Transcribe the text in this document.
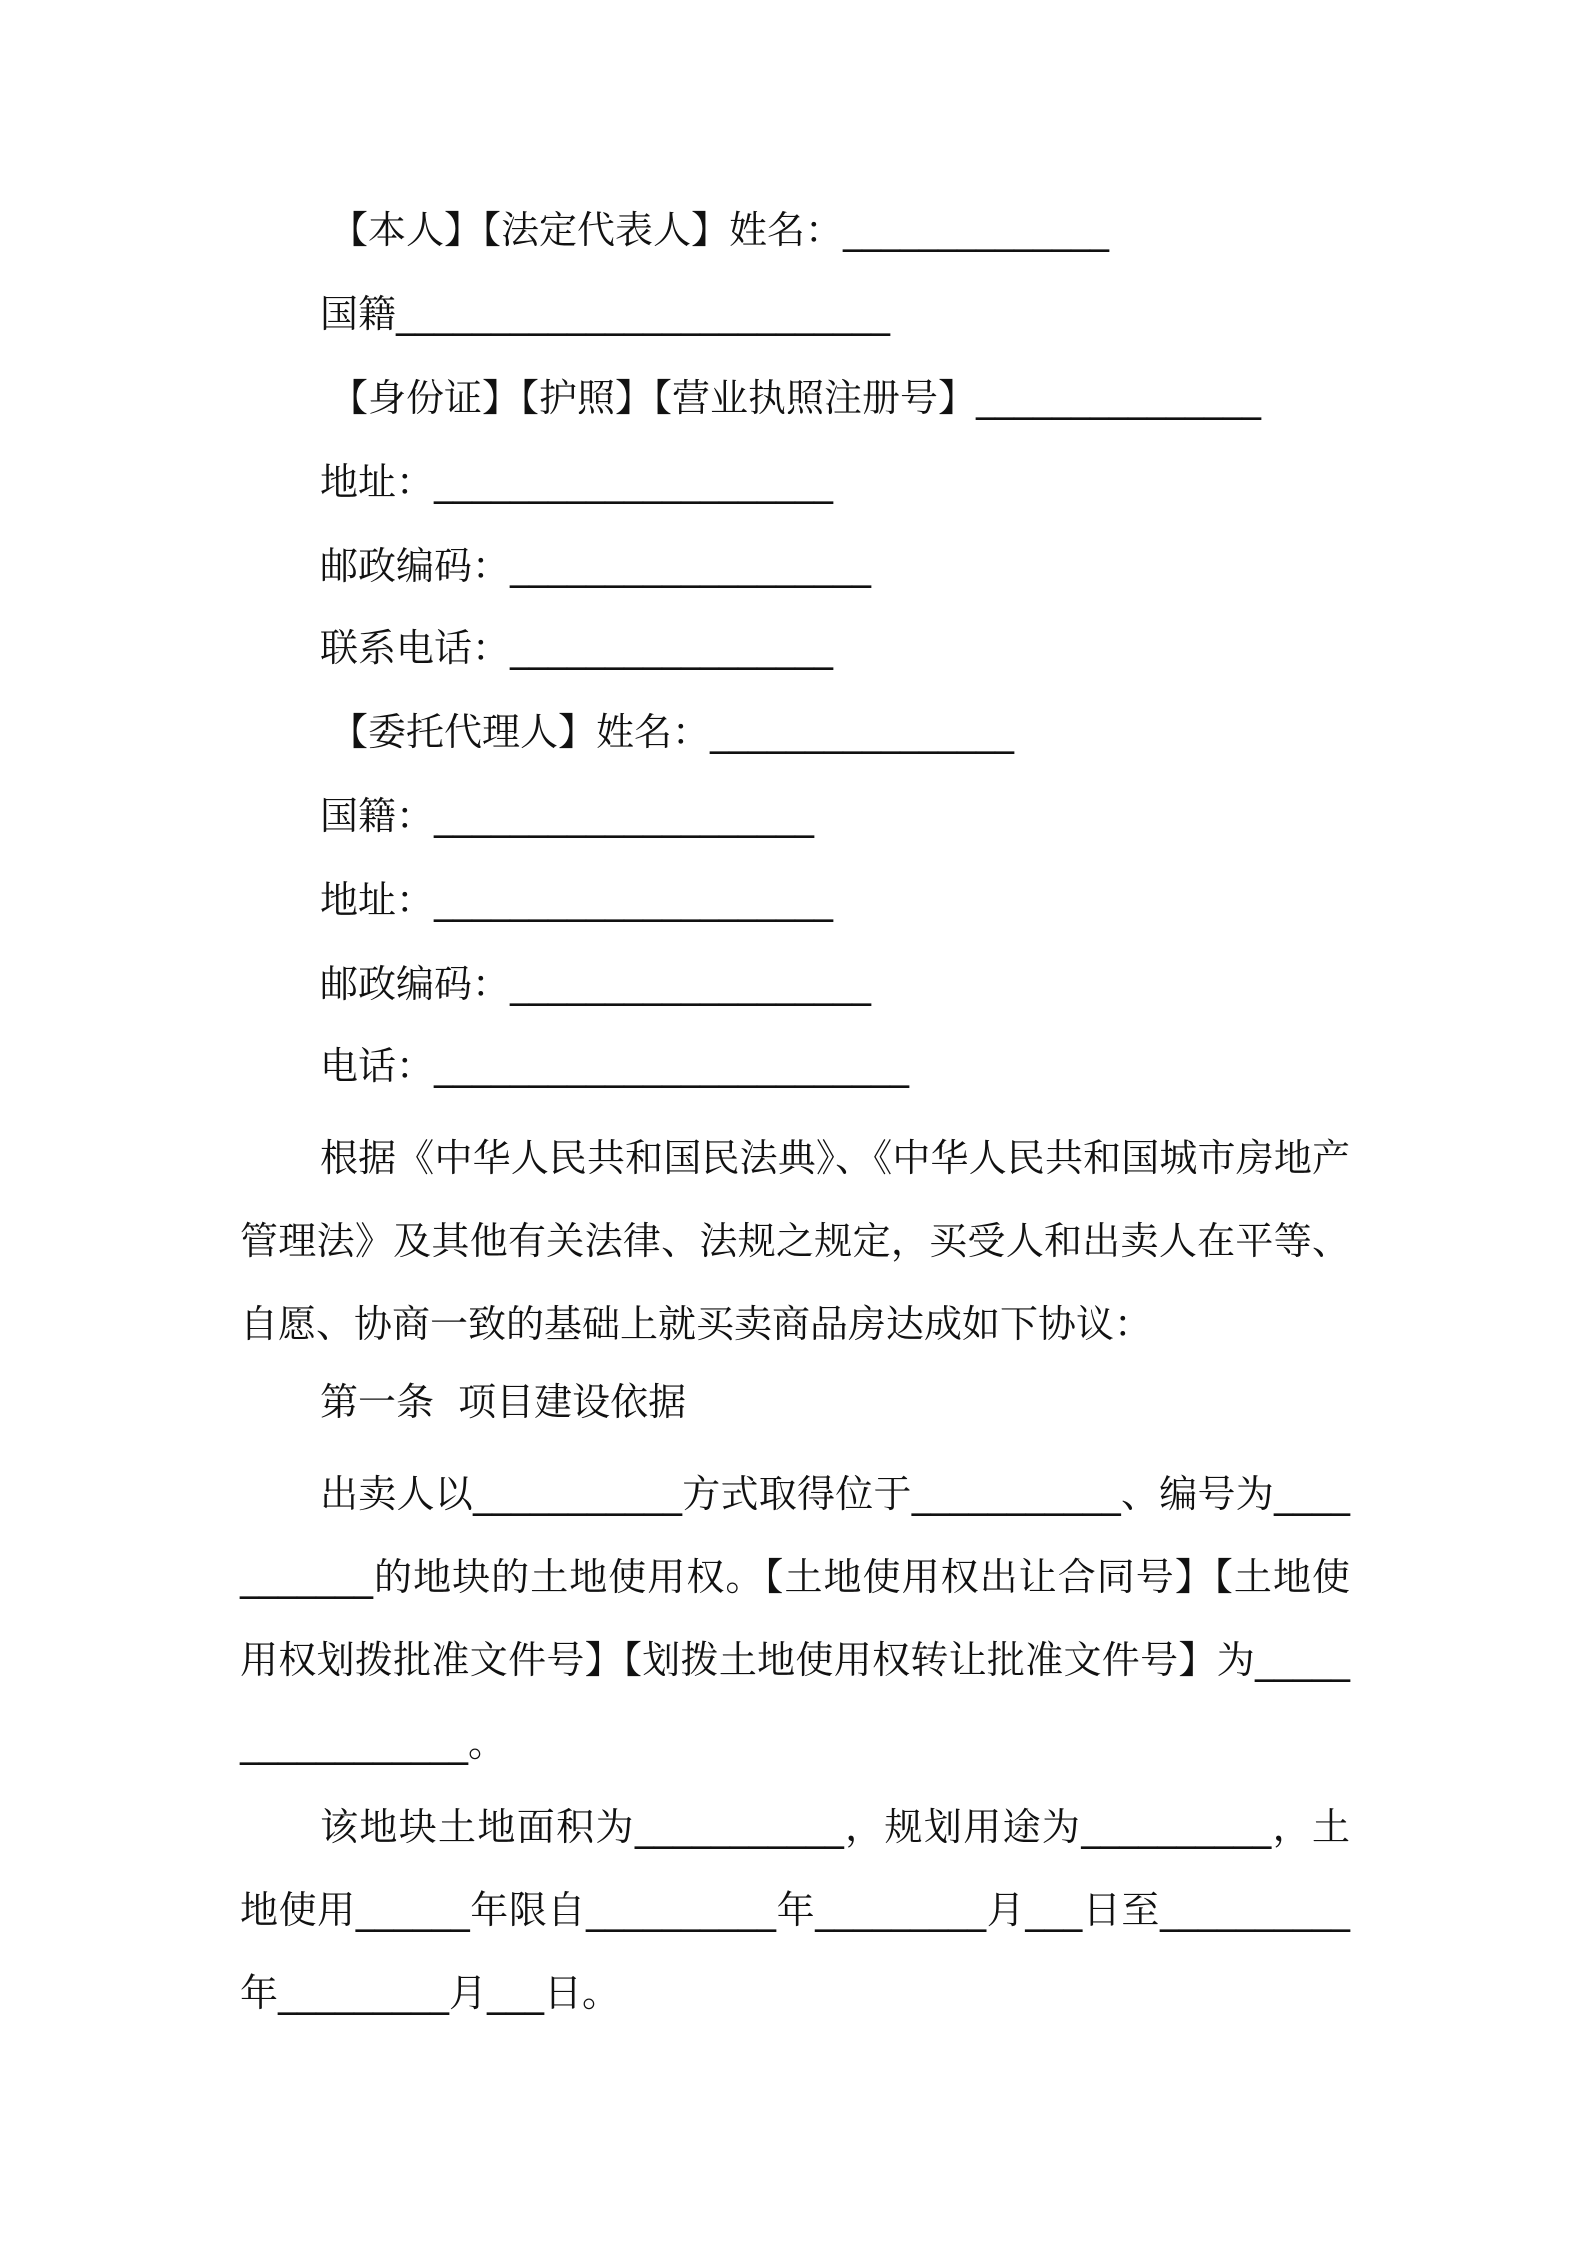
【本人】【法定代表人】姓名：______________
国籍__________________________
【身份证】【护照】【营业执照注册号】_______________
地址：_____________________
邮政编码：___________________
联系电话：_________________
【委托代理人】姓名：________________
国籍：____________________
地址：_____________________
邮政编码：___________________
电话：_________________________
根据《中华人民共和国民法典》、《中华人民共和国城市房地产管理法》及其他有关法律、法规之规定，买受人和出卖人在平等、自愿、协商一致的基础上就买卖商品房达成如下协议：
第一条  项目建设依据
出卖人以___________方式取得位于___________、编号为___________的地块的土地使用权。【土地使用权出让合同号】【土地使用权划拨批准文件号】【划拨土地使用权转让批准文件号】为_________________。
该地块土地面积为___________，规划用途为__________，土地使用______年限自__________年_________月___日至__________年_________月___日。
